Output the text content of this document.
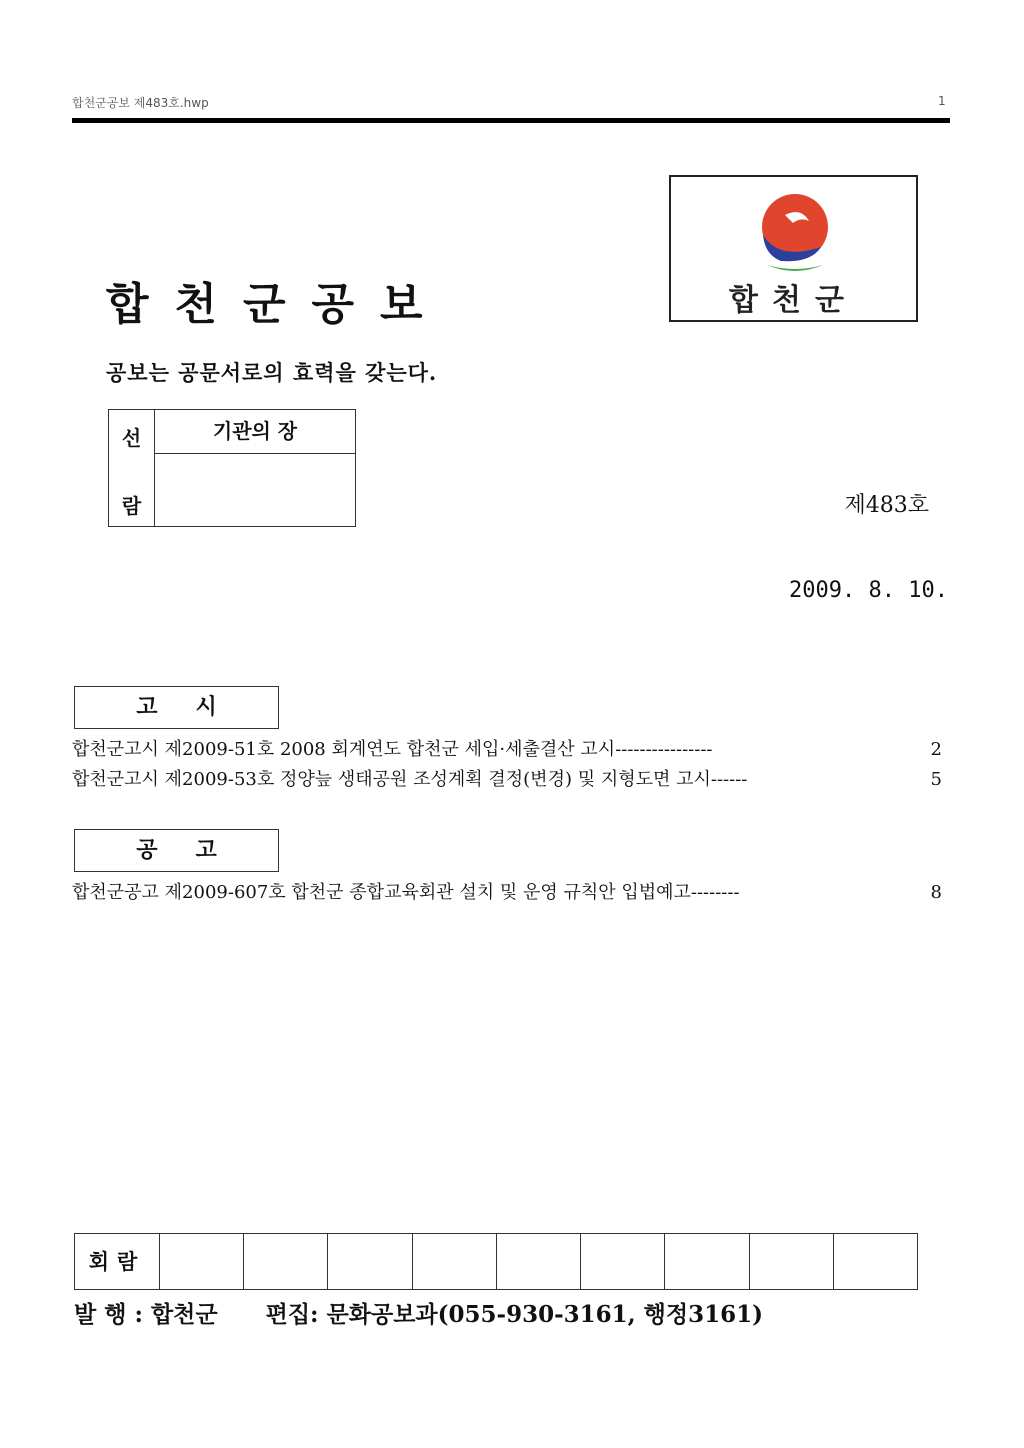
합천군공보 제483호.hwp	1
합천군
합천군공보
공보는 공문서로의 효력을 갖는다.
선
람
기관의 장
제483호
2009. 8. 10.
고시
합천군고시 제2009-51호 2008 회계연도 합천군 세입·세출결산 고시----------------	2
합천군고시 제2009-53호 정양늪 생태공원 조성계획 결정(변경) 및 지형도면 고시------	5
공고
합천군공고 제2009-607호 합천군 종합교육회관 설치 및 운영 규칙안 입법예고--------	8
회람
발 행 : 합천군 편집: 문화공보과(055-930-3161, 행정3161)
